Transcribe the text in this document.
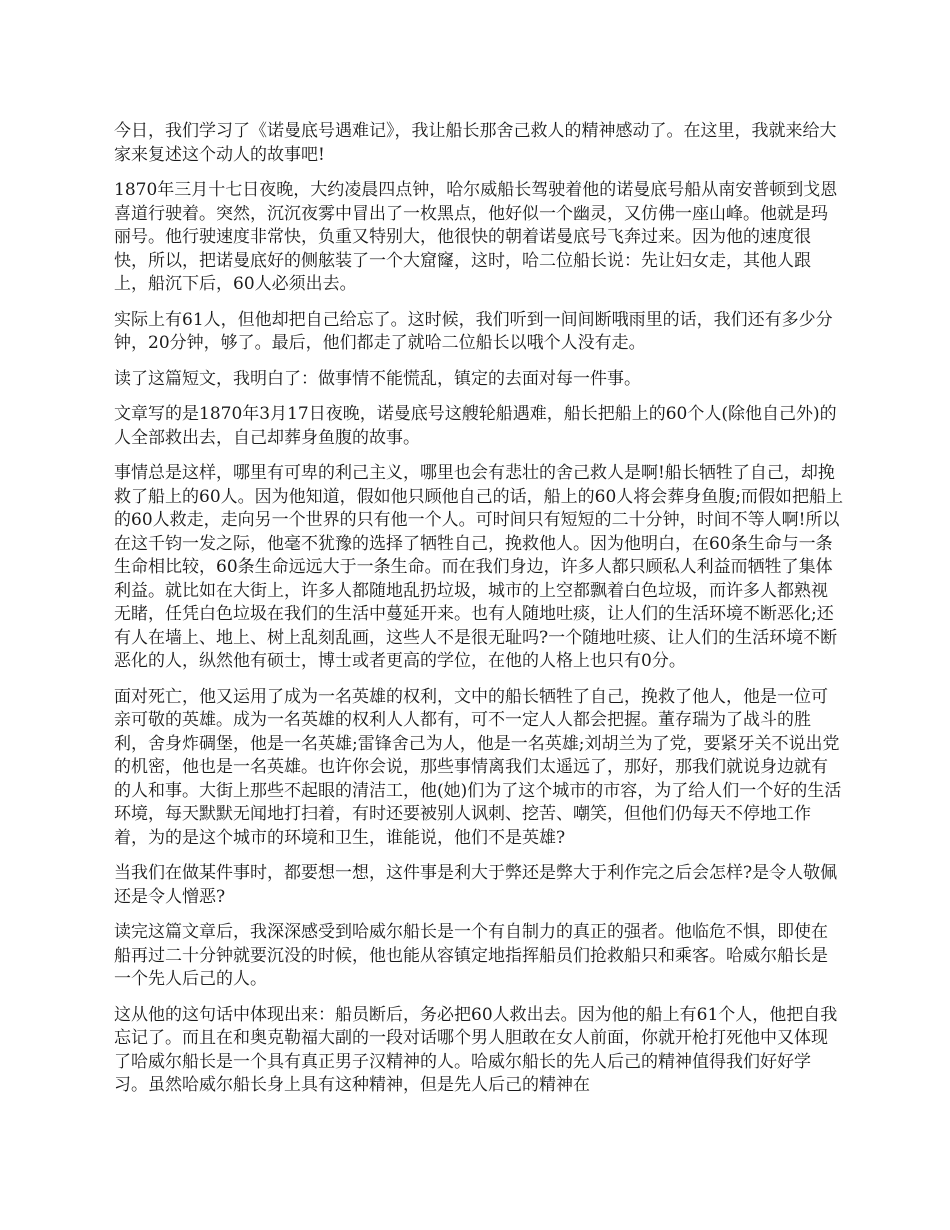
今日，我们学习了《诺曼底号遇难记》，我让船长那舍己救人的精神感动了。在这里，我就来给大家来复述这个动人的故事吧!

1870年三月十七日夜晚，大约凌晨四点钟，哈尔威船长驾驶着他的诺曼底号船从南安普顿到戈恩喜道行驶着。突然，沉沉夜雾中冒出了一枚黑点，他好似一个幽灵，又仿佛一座山峰。他就是玛丽号。他行驶速度非常快，负重又特别大，他很快的朝着诺曼底号飞奔过来。因为他的速度很快，所以，把诺曼底好的侧舷装了一个大窟窿，这时，哈二位船长说：先让妇女走，其他人跟上，船沉下后，60人必须出去。

实际上有61人，但他却把自己给忘了。这时候，我们听到一间间断哦雨里的话，我们还有多少分钟，20分钟，够了。最后，他们都走了就哈二位船长以哦个人没有走。

读了这篇短文，我明白了：做事情不能慌乱，镇定的去面对每一件事。

文章写的是1870年3月17日夜晚，诺曼底号这艘轮船遇难，船长把船上的60个人(除他自己外)的人全部救出去，自己却葬身鱼腹的故事。

事情总是这样，哪里有可卑的利己主义，哪里也会有悲壮的舍己救人是啊!船长牺牲了自己，却挽救了船上的60人。因为他知道，假如他只顾他自己的话，船上的60人将会葬身鱼腹;而假如把船上的60人救走，走向另一个世界的只有他一个人。可时间只有短短的二十分钟，时间不等人啊!所以在这千钧一发之际，他毫不犹豫的选择了牺牲自己，挽救他人。因为他明白，在60条生命与一条生命相比较，60条生命远远大于一条生命。而在我们身边，许多人都只顾私人利益而牺牲了集体利益。就比如在大街上，许多人都随地乱扔垃圾，城市的上空都飘着白色垃圾，而许多人都熟视无睹，任凭白色垃圾在我们的生活中蔓延开来。也有人随地吐痰，让人们的生活环境不断恶化;还有人在墙上、地上、树上乱刻乱画，这些人不是很无耻吗?一个随地吐痰、让人们的生活环境不断恶化的人，纵然他有硕士，博士或者更高的学位，在他的人格上也只有0分。

面对死亡，他又运用了成为一名英雄的权利，文中的船长牺牲了自己，挽救了他人，他是一位可亲可敬的英雄。成为一名英雄的权利人人都有，可不一定人人都会把握。董存瑞为了战斗的胜利，舍身炸碉堡，他是一名英雄;雷锋舍己为人，他是一名英雄;刘胡兰为了党，要紧牙关不说出党的机密，他也是一名英雄。也许你会说，那些事情离我们太遥远了，那好，那我们就说身边就有的人和事。大街上那些不起眼的清洁工，他(她)们为了这个城市的市容，为了给人们一个好的生活环境，每天默默无闻地打扫着，有时还要被别人讽刺、挖苦、嘲笑，但他们仍每天不停地工作着，为的是这个城市的环境和卫生，谁能说，他们不是英雄?

当我们在做某件事时，都要想一想，这件事是利大于弊还是弊大于利作完之后会怎样?是令人敬佩还是令人憎恶?

读完这篇文章后，我深深感受到哈威尔船长是一个有自制力的真正的强者。他临危不惧，即使在船再过二十分钟就要沉没的时候，他也能从容镇定地指挥船员们抢救船只和乘客。哈威尔船长是一个先人后己的人。

这从他的这句话中体现出来：船员断后，务必把60人救出去。因为他的船上有61个人，他把自我忘记了。而且在和奥克勒福大副的一段对话哪个男人胆敢在女人前面，你就开枪打死他中又体现了哈威尔船长是一个具有真正男子汉精神的人。哈威尔船长的先人后己的精神值得我们好好学习。虽然哈威尔船长身上具有这种精神，但是先人后己的精神在
